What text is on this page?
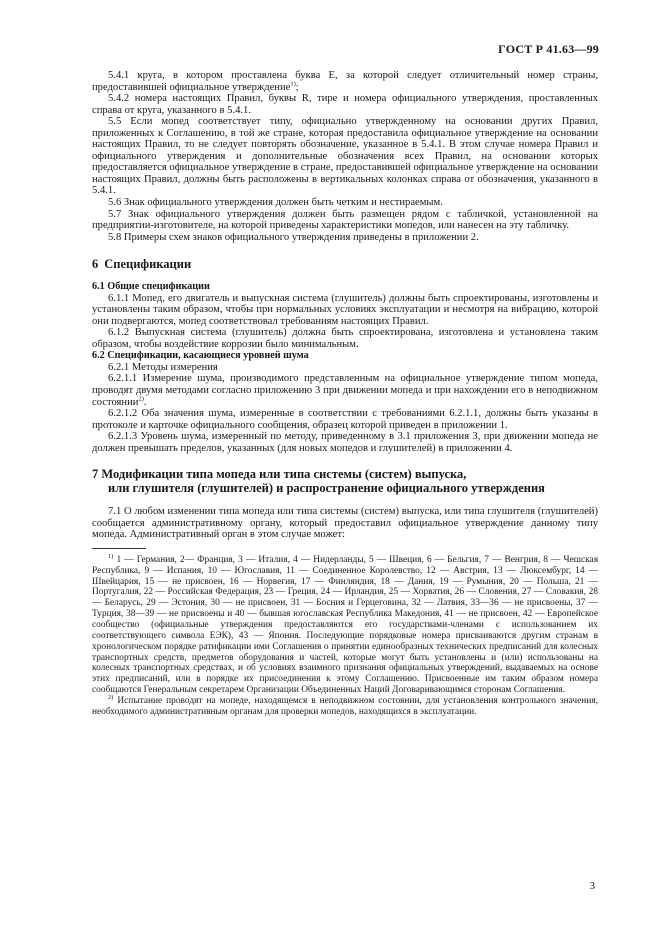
ГОСТ Р 41.63—99

5.4.1 круга, в котором проставлена буква Е, за которой следует отличительный номер страны, предоставившей официальное утверждение$^{1)}$;

5.4.2 номера настоящих Правил, буквы R, тире и номера официального утверждения, проставленных справа от круга, указанного в 5.4.1.

5.5 Если мопед соответствует типу, официально утвержденному на основании других Правил, приложенных к Соглашению, в той же стране, которая предоставила официальное утверждение на основании настоящих Правил, то не следует повторять обозначение, указанное в 5.4.1. В этом случае номера Правил и официального утверждения и дополнительные обозначения всех Правил, на основании которых предоставляется официальное утверждение в стране, предоставившей официальное утверждение на основании настоящих Правил, должны быть расположены в вертикальных колонках справа от обозначения, указанного в 5.4.1.

5.6 Знак официального утверждения должен быть четким и нестираемым.

5.7 Знак официального утверждения должен быть размещен рядом с табличкой, установленной на предприятии-изготовителе, на которой приведены характеристики мопедов, или нанесен на эту табличку.

5.8 Примеры схем знаков официального утверждения приведены в приложении 2.

6 Спецификации
6.1 Общие спецификации

6.1.1 Мопед, его двигатель и выпускная система (глушитель) должны быть спроектированы, изготовлены и установлены таким образом, чтобы при нормальных условиях эксплуатации и несмотря на вибрацию, которой они подвергаются, мопед соответствовал требованиям настоящих Правил.

6.1.2 Выпускная система (глушитель) должна быть спроектирована, изготовлена и установлена таким образом, чтобы воздействие коррозии было минимальным.

6.2 Спецификации, касающиеся уровней шума

6.2.1 Методы измерения

6.2.1.1 Измерение шума, производимого представленным на официальное утверждение типом мопеда, проводят двумя методами согласно приложению 3 при движении мопеда и при нахождении его в неподвижном состоянии$^{2)}$.

6.2.1.2 Оба значения шума, измеренные в соответствии с требованиями 6.2.1.1, должны быть указаны в протоколе и карточке официального сообщения, образец которой приведен в приложении 1.

6.2.1.3 Уровень шума, измеренный по методу, приведенному в 3.1 приложения 3, при движении мопеда не должен превышать пределов, указанных (для новых мопедов и глушителей) в приложении 4.

7 Модификации типа мопеда или типа системы (систем) выпуска,
или глушителя (глушителей) и распространение официального утверждения

7.1 О любом изменении типа мопеда или типа системы (систем) выпуска, или типа глушителя (глушителей) сообщается административному органу, который предоставил официальное утверждение данному типу мопеда. Административный орган в этом случае может:

$^{1)}$ 1 — Германия, 2— Франция, 3 — Италия, 4 — Нидерланды, 5 — Швеция, 6 — Бельгия, 7 — Венгрия, 8 — Чешская Республика, 9 — Испания, 10 — Югославия, 11 — Соединенное Королевство, 12 — Австрия, 13 — Люксембург, 14 — Швейцария, 15 — не присвоен, 16 — Норвегия, 17 — Финляндия, 18 — Дания, 19 — Румыния, 20 — Польша, 21 — Португалия, 22 — Российская Федерация, 23 — Греция, 24 — Ирландия, 25 — Хорватия, 26 — Словения, 27 — Словакия, 28 — Беларусь, 29 — Эстония, 30 — не присвоен, 31 — Босния и Герцеговина, 32 — Латвия, 33—36 — не присвоены, 37 — Турция, 38—39 — не присвоены и 40 — бывшая югославская Республика Македония, 41 — не присвоен, 42 — Европейское сообщество (официальные утверждения предоставляются его государствами-членами с использованием их соответствующего символа ЕЭК), 43 — Япония. Последующие порядковые номера присваиваются другим странам в хронологическом порядке ратификации ими Соглашения о принятии единообразных технических предписаний для колесных транспортных средств, предметов оборудования и частей, которые могут быть установлены и (или) использованы на колесных транспортных средствах, и об условиях взаимного признания официальных утверждений, выдаваемых на основе этих предписаний, или в порядке их присоединения к этому Соглашению. Присвоенные им таким образом номера сообщаются Генеральным секретарем Организации Объединенных Наций Договаривающимся сторонам Соглашения.

$^{2)}$ Испытание проводят на мопеде, находящемся в неподвижном состоянии, для установления контрольного значения, необходимого административным органам для проверки мопедов, находящихся в эксплуатации.

3
